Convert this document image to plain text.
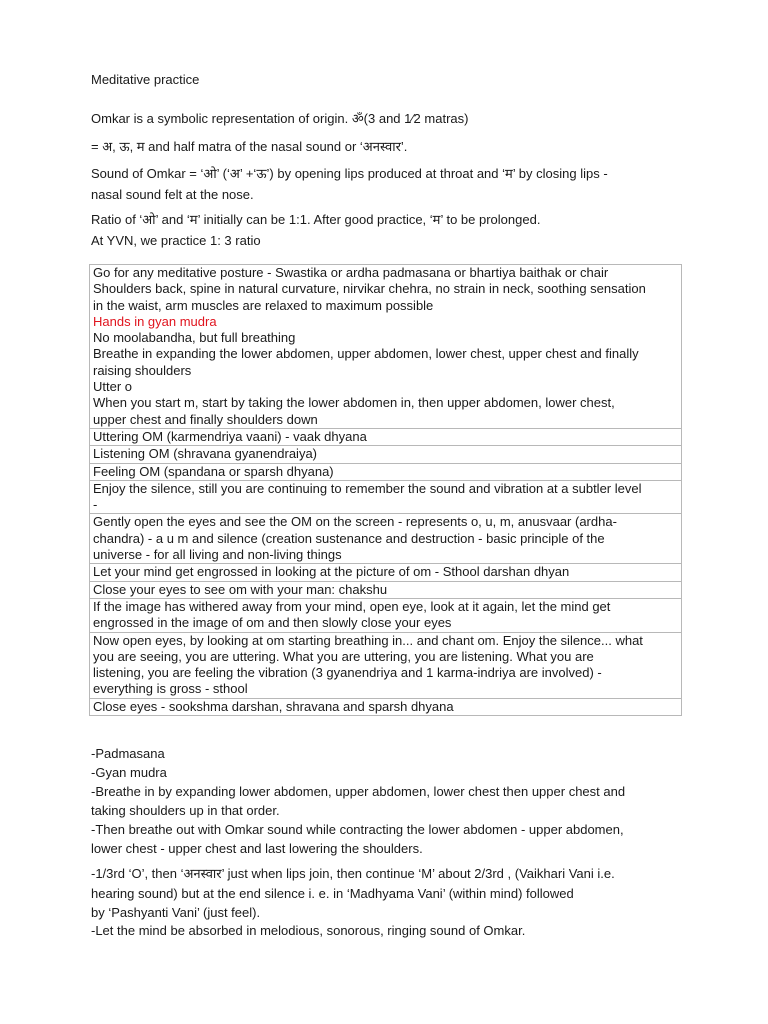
Meditative practice
Omkar is a symbolic representation of origin. ॐ(3 and 1⁄2 matras)
= अ, ऊ, म and half matra of the nasal sound or ‘अनस्वार’.
Sound of Omkar = ‘ओ’ (‘अ’ +‘ऊ’) by opening lips produced at throat and ‘म’ by closing lips -
nasal sound felt at the nose.
Ratio of ‘ओ’ and ‘म’ initially can be 1:1. After good practice, ‘म’ to be prolonged.
At YVN, we practice 1: 3 ratio
Go for any meditative posture - Swastika or ardha padmasana or bhartiya baithak or chair
Shoulders back, spine in natural curvature, nirvikar chehra, no strain in neck, soothing sensation
in the waist, arm muscles are relaxed to maximum possible
Hands in gyan mudra
No moolabandha, but full breathing
Breathe in expanding the lower abdomen, upper abdomen, lower chest, upper chest and finally
raising shoulders
Utter o
When you start m, start by taking the lower abdomen in, then upper abdomen, lower chest,
upper chest and finally shoulders down
Uttering OM (karmendriya vaani) - vaak dhyana
Listening OM (shravana gyanendraiya)
Feeling OM (spandana or sparsh dhyana)
Enjoy the silence, still you are continuing to remember the sound and vibration at a subtler level
-
Gently open the eyes and see the OM on the screen - represents o, u, m, anusvaar (ardha-
chandra) - a u m and silence (creation sustenance and destruction - basic principle of the
universe - for all living and non-living things
Let your mind get engrossed in looking at the picture of om - Sthool darshan dhyan
Close your eyes to see om with your man: chakshu
If the image has withered away from your mind, open eye, look at it again, let the mind get
engrossed in the image of om and then slowly close your eyes
Now open eyes, by looking at om starting breathing in... and chant om. Enjoy the silence... what
you are seeing, you are uttering. What you are uttering, you are listening. What you are
listening, you are feeling the vibration (3 gyanendriya and 1 karma-indriya are involved) -
everything is gross - sthool
Close eyes - sookshma darshan, shravana and sparsh dhyana
-Padmasana
-Gyan mudra
-Breathe in by expanding lower abdomen, upper abdomen, lower chest then upper chest and
taking shoulders up in that order.
-Then breathe out with Omkar sound while contracting the lower abdomen - upper abdomen,
lower chest - upper chest and last lowering the shoulders.
-1/3rd ‘O’, then ‘अनस्वार’ just when lips join, then continue ‘M’ about 2/3rd , (Vaikhari Vani i.e.
hearing sound) but at the end silence i. e. in ‘Madhyama Vani’ (within mind) followed
by ‘Pashyanti Vani’ (just feel).
-Let the mind be absorbed in melodious, sonorous, ringing sound of Omkar.
